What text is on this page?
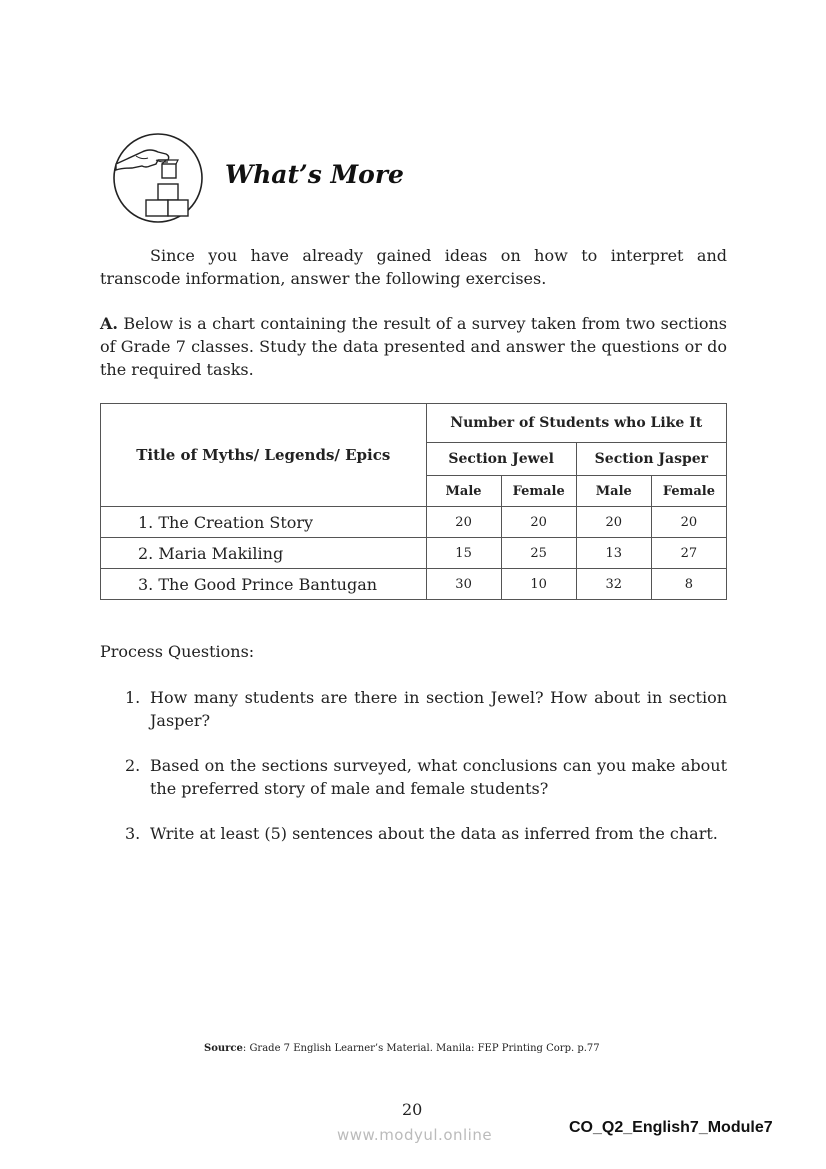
What’s More
Since you have already gained ideas on how to interpret and transcode information, answer the following exercises.
A. Below is a chart containing the result of a survey taken from two sections of Grade 7 classes. Study the data presented and answer the questions or do the required tasks.
Title of Myths/ Legends/ Epics	Number of Students who Like It			
	Section Jewel		Section Jasper	
	Male	Female	Male	Female
1. The Creation Story	20	20	20	20
2. Maria Makiling	15	25	13	27
3. The Good Prince Bantugan	30	10	32	8
Process Questions:
1. How many students are there in section Jewel? How about in section Jasper?
2. Based on the sections surveyed, what conclusions can you make about the preferred story of male and female students?
3. Write at least (5) sentences about the data as inferred from the chart.
Source: Grade 7 English Learner’s Material. Manila: FEP Printing Corp. p.77
20
www.modyul.online	CO_Q2_English7_Module7
